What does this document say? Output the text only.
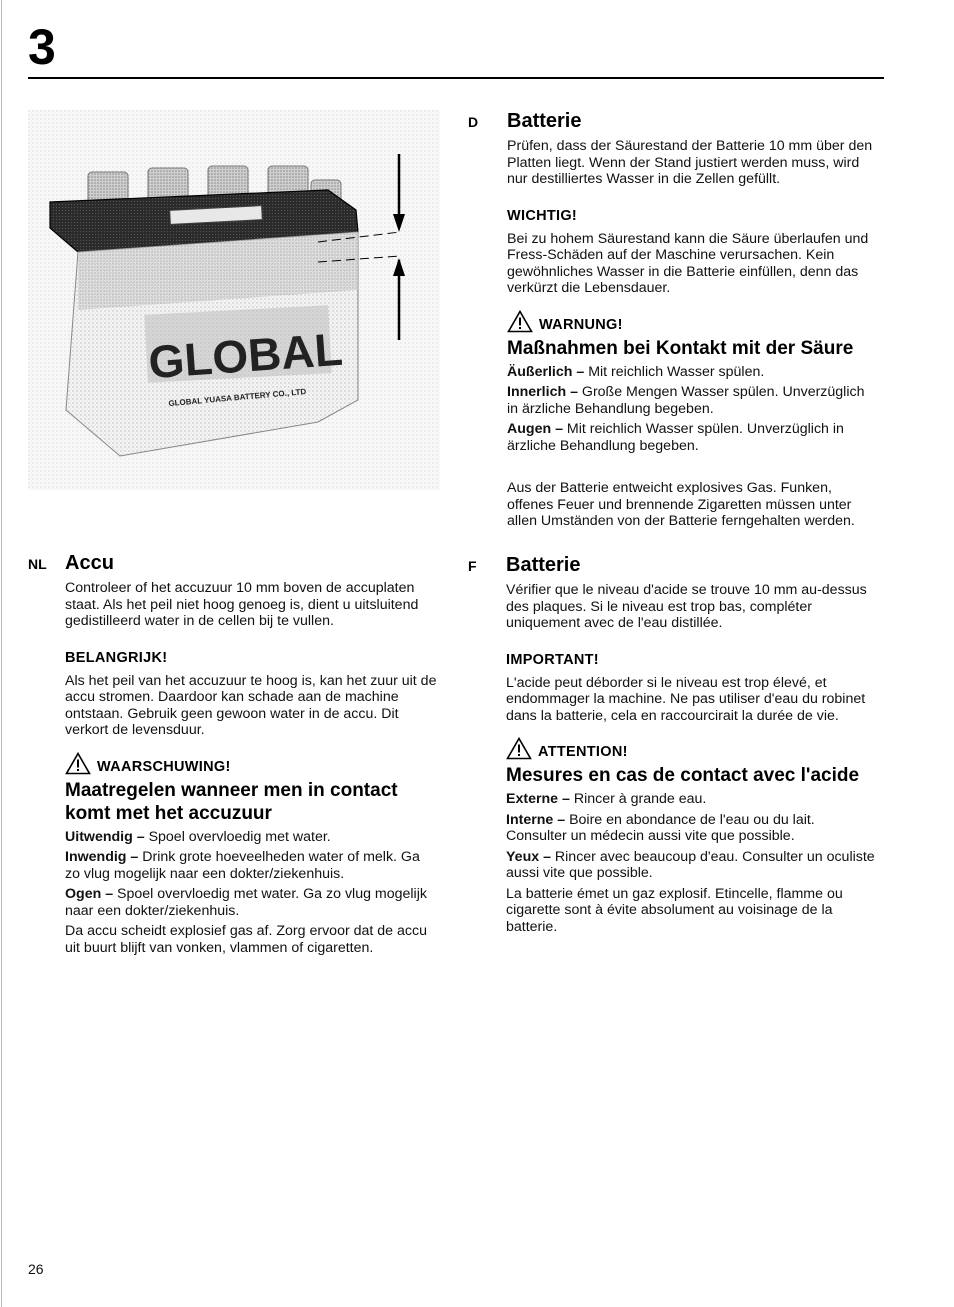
3
GLOBAL
GLOBAL YUASA BATTERY CO., LTD
D Batterie

Prüfen, dass der Säurestand der Batterie 10 mm über den Platten liegt. Wenn der Stand justiert werden muss, wird nur destilliertes Wasser in die Zellen gefüllt.

WICHTIG!

Bei zu hohem Säurestand kann die Säure überlaufen und Fress-Schäden auf der Maschine verursachen. Kein gewöhnliches Wasser in die Batterie einfüllen, denn das verkürzt die Lebensdauer.

WARNUNG!
Maßnahmen bei Kontakt mit der Säure

Äußerlich – Mit reichlich Wasser spülen.

Innerlich – Große Mengen Wasser spülen. Unverzüglich in ärzliche Behandlung begeben.

Augen – Mit reichlich Wasser spülen. Unverzüglich in ärzliche Behandlung begeben.

Aus der Batterie entweicht explosives Gas. Funken, offenes Feuer und brennende Zigaretten müssen unter allen Umständen von der Batterie ferngehalten werden.

NL Accu

Controleer of het accuzuur 10 mm boven de accuplaten staat. Als het peil niet hoog genoeg is, dient u uitsluitend gedistilleerd water in de cellen bij te vullen.

BELANGRIJK!

Als het peil van het accuzuur te hoog is, kan het zuur uit de accu stromen. Daardoor kan schade aan de machine ontstaan. Gebruik geen gewoon water in de accu. Dit verkort de levensduur.

WAARSCHUWING!
Maatregelen wanneer men in contact komt met het accuzuur

Uitwendig – Spoel overvloedig met water.

Inwendig – Drink grote hoeveelheden water of melk. Ga zo vlug mogelijk naar een dokter/ziekenhuis.

Ogen – Spoel overvloedig met water. Ga zo vlug mogelijk naar een dokter/ziekenhuis.

Da accu scheidt explosief gas af. Zorg ervoor dat de accu uit buurt blijft van vonken, vlammen of cigaretten.

F Batterie

Vérifier que le niveau d'acide se trouve 10 mm au-dessus des plaques. Si le niveau est trop bas, compléter uniquement avec de l'eau distillée.

IMPORTANT!

L'acide peut déborder si le niveau est trop élevé, et endommager la machine. Ne pas utiliser d'eau du robinet dans la batterie, cela en raccourcirait la durée de vie.

ATTENTION!
Mesures en cas de contact avec l'acide

Externe – Rincer à grande eau.

Interne – Boire en abondance de l'eau ou du lait. Consulter un médecin aussi vite que possible.

Yeux – Rincer avec beaucoup d'eau. Consulter un oculiste aussi vite que possible.

La batterie émet un gaz explosif. Etincelle, flamme ou cigarette sont à évite absolument au voisinage de la batterie.

26
